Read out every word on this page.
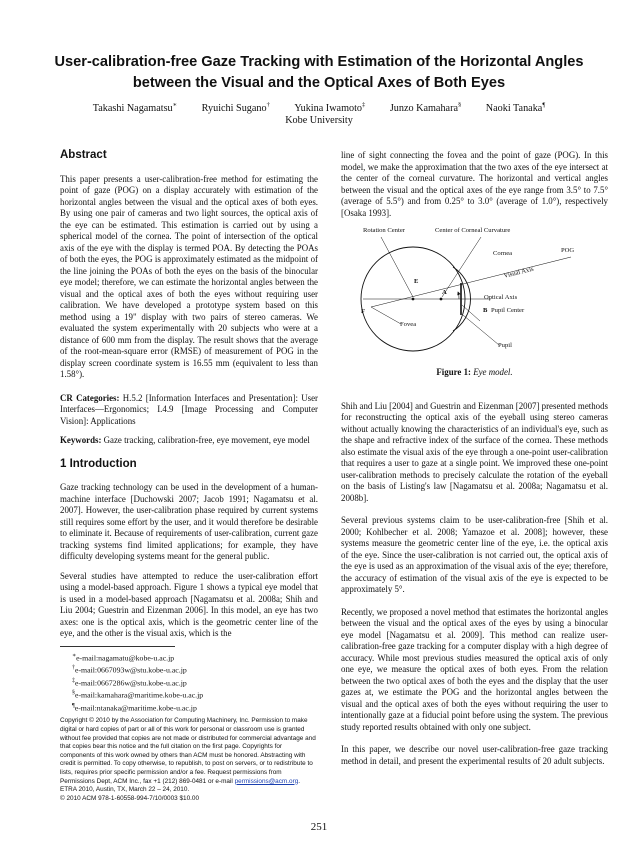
User-calibration-free Gaze Tracking with Estimation of the Horizontal Angles between the Visual and the Optical Axes of Both Eyes
Takashi Nagamatsu∗ Ryuichi Sugano† Yukina Iwamoto‡ Junzo Kamahara§ Naoki Tanaka¶
Kobe University
Abstract

This paper presents a user-calibration-free method for estimating the point of gaze (POG) on a display accurately with estimation of the horizontal angles between the visual and the optical axes of both eyes. By using one pair of cameras and two light sources, the optical axis of the eye can be estimated. This estimation is carried out by using a spherical model of the cornea. The point of intersection of the optical axis of the eye with the display is termed POA. By detecting the POAs of both the eyes, the POG is approximately estimated as the midpoint of the line joining the POAs of both the eyes on the basis of the binocular eye model; therefore, we can estimate the horizontal angles between the visual and the optical axes of both the eyes without requiring user calibration. We have developed a prototype system based on this method using a 19" display with two pairs of stereo cameras. We evaluated the system experimentally with 20 subjects who were at a distance of 600 mm from the display. The result shows that the average of the root-mean-square error (RMSE) of measurement of POG in the display screen coordinate system is 16.55 mm (equivalent to less than 1.58°).

CR Categories: H.5.2 [Information Interfaces and Presentation]: User Interfaces—Ergonomics; I.4.9 [Image Processing and Computer Vision]: Applications

Keywords: Gaze tracking, calibration-free, eye movement, eye model

1 Introduction

Gaze tracking technology can be used in the development of a human-machine interface [Duchowski 2007; Jacob 1991; Nagamatsu et al. 2007]. However, the user-calibration phase required by current systems still requires some effort by the user, and it would therefore be desirable to eliminate it. Because of requirements of user-calibration, current gaze tracking systems find limited applications; for example, they have difficulty developing systems meant for the general public.

Several studies have attempted to reduce the user-calibration effort using a model-based approach. Figure 1 shows a typical eye model that is used in a model-based approach [Nagamatsu et al. 2008a; Shih and Liu 2004; Guestrin and Eizenman 2006]. In this model, an eye has two axes: one is the optical axis, which is the geometric center line of the eye, and the other is the visual axis, which is the

∗e-mail:nagamatu@kobe-u.ac.jp

†e-mail:0667093w@stu.kobe-u.ac.jp

‡e-mail:0667286w@stu.kobe-u.ac.jp

§e-mail:kamahara@maritime.kobe-u.ac.jp

¶e-mail:ntanaka@maritime.kobe-u.ac.jp

Copyright © 2010 by the Association for Computing Machinery, Inc. Permission to make digital or hard copies of part or all of this work for personal or classroom use is granted without fee provided that copies are not made or distributed for commercial advantage and that copies bear this notice and the full citation on the first page. Copyrights for components of this work owned by others than ACM must be honored. Abstracting with credit is permitted. To copy otherwise, to republish, to post on servers, or to redistribute to lists, requires prior specific permission and/or a fee. Request permissions from Permissions Dept, ACM Inc., fax +1 (212) 869-0481 or e-mail permissions@acm.org.
ETRA 2010, Austin, TX, March 22 – 24, 2010.
© 2010 ACM 978-1-60558-994-7/10/0003 $10.00

line of sight connecting the fovea and the point of gaze (POG). In this model, we make the approximation that the two axes of the eye intersect at the center of the corneal curvature. The horizontal and vertical angles between the visual and the optical axes of the eye range from 3.5° to 7.5° (average of 5.5°) and from 0.25° to 3.0° (average of 1.0°), respectively [Osaka 1993].

Rotation Center	Center of Corneal Curvature
Cornea	POG
Visual Axis
E
A
Optical Axis
F	B Pupil Center
Fovea
Pupil

Figure 1: Eye model.

Shih and Liu [2004] and Guestrin and Eizenman [2007] presented methods for reconstructing the optical axis of the eyeball using stereo cameras without actually knowing the characteristics of an individual's eye, such as the shape and refractive index of the surface of the cornea. These methods also estimate the visual axis of the eye through a one-point user-calibration that requires a user to gaze at a single point. We improved these one-point user-calibration methods to precisely calculate the rotation of the eyeball on the basis of Listing's law [Nagamatsu et al. 2008a; Nagamatsu et al. 2008b].

Several previous systems claim to be user-calibration-free [Shih et al. 2000; Kohlbecher et al. 2008; Yamazoe et al. 2008]; however, these systems measure the geometric center line of the eye, i.e. the optical axis of the eye. Since the user-calibration is not carried out, the optical axis of the eye is used as an approximation of the visual axis of the eye; therefore, the accuracy of estimation of the visual axis of the eye is expected to be approximately 5°.

Recently, we proposed a novel method that estimates the horizontal angles between the visual and the optical axes of the eyes by using a binocular eye model [Nagamatsu et al. 2009]. This method can realize user-calibration-free gaze tracking for a computer display with a high degree of accuracy. While most previous studies measured the optical axis of only one eye, we measure the optical axes of both eyes. From the relation between the two optical axes of both the eyes and the display that the user gazes at, we estimate the POG and the horizontal angles between the visual and the optical axes of both the eyes without requiring the user to intentionally gaze at a fiducial point before using the system. The previous study reported results obtained with only one subject.

In this paper, we describe our novel user-calibration-free gaze tracking method in detail, and present the experimental results of 20 adult subjects.

251
